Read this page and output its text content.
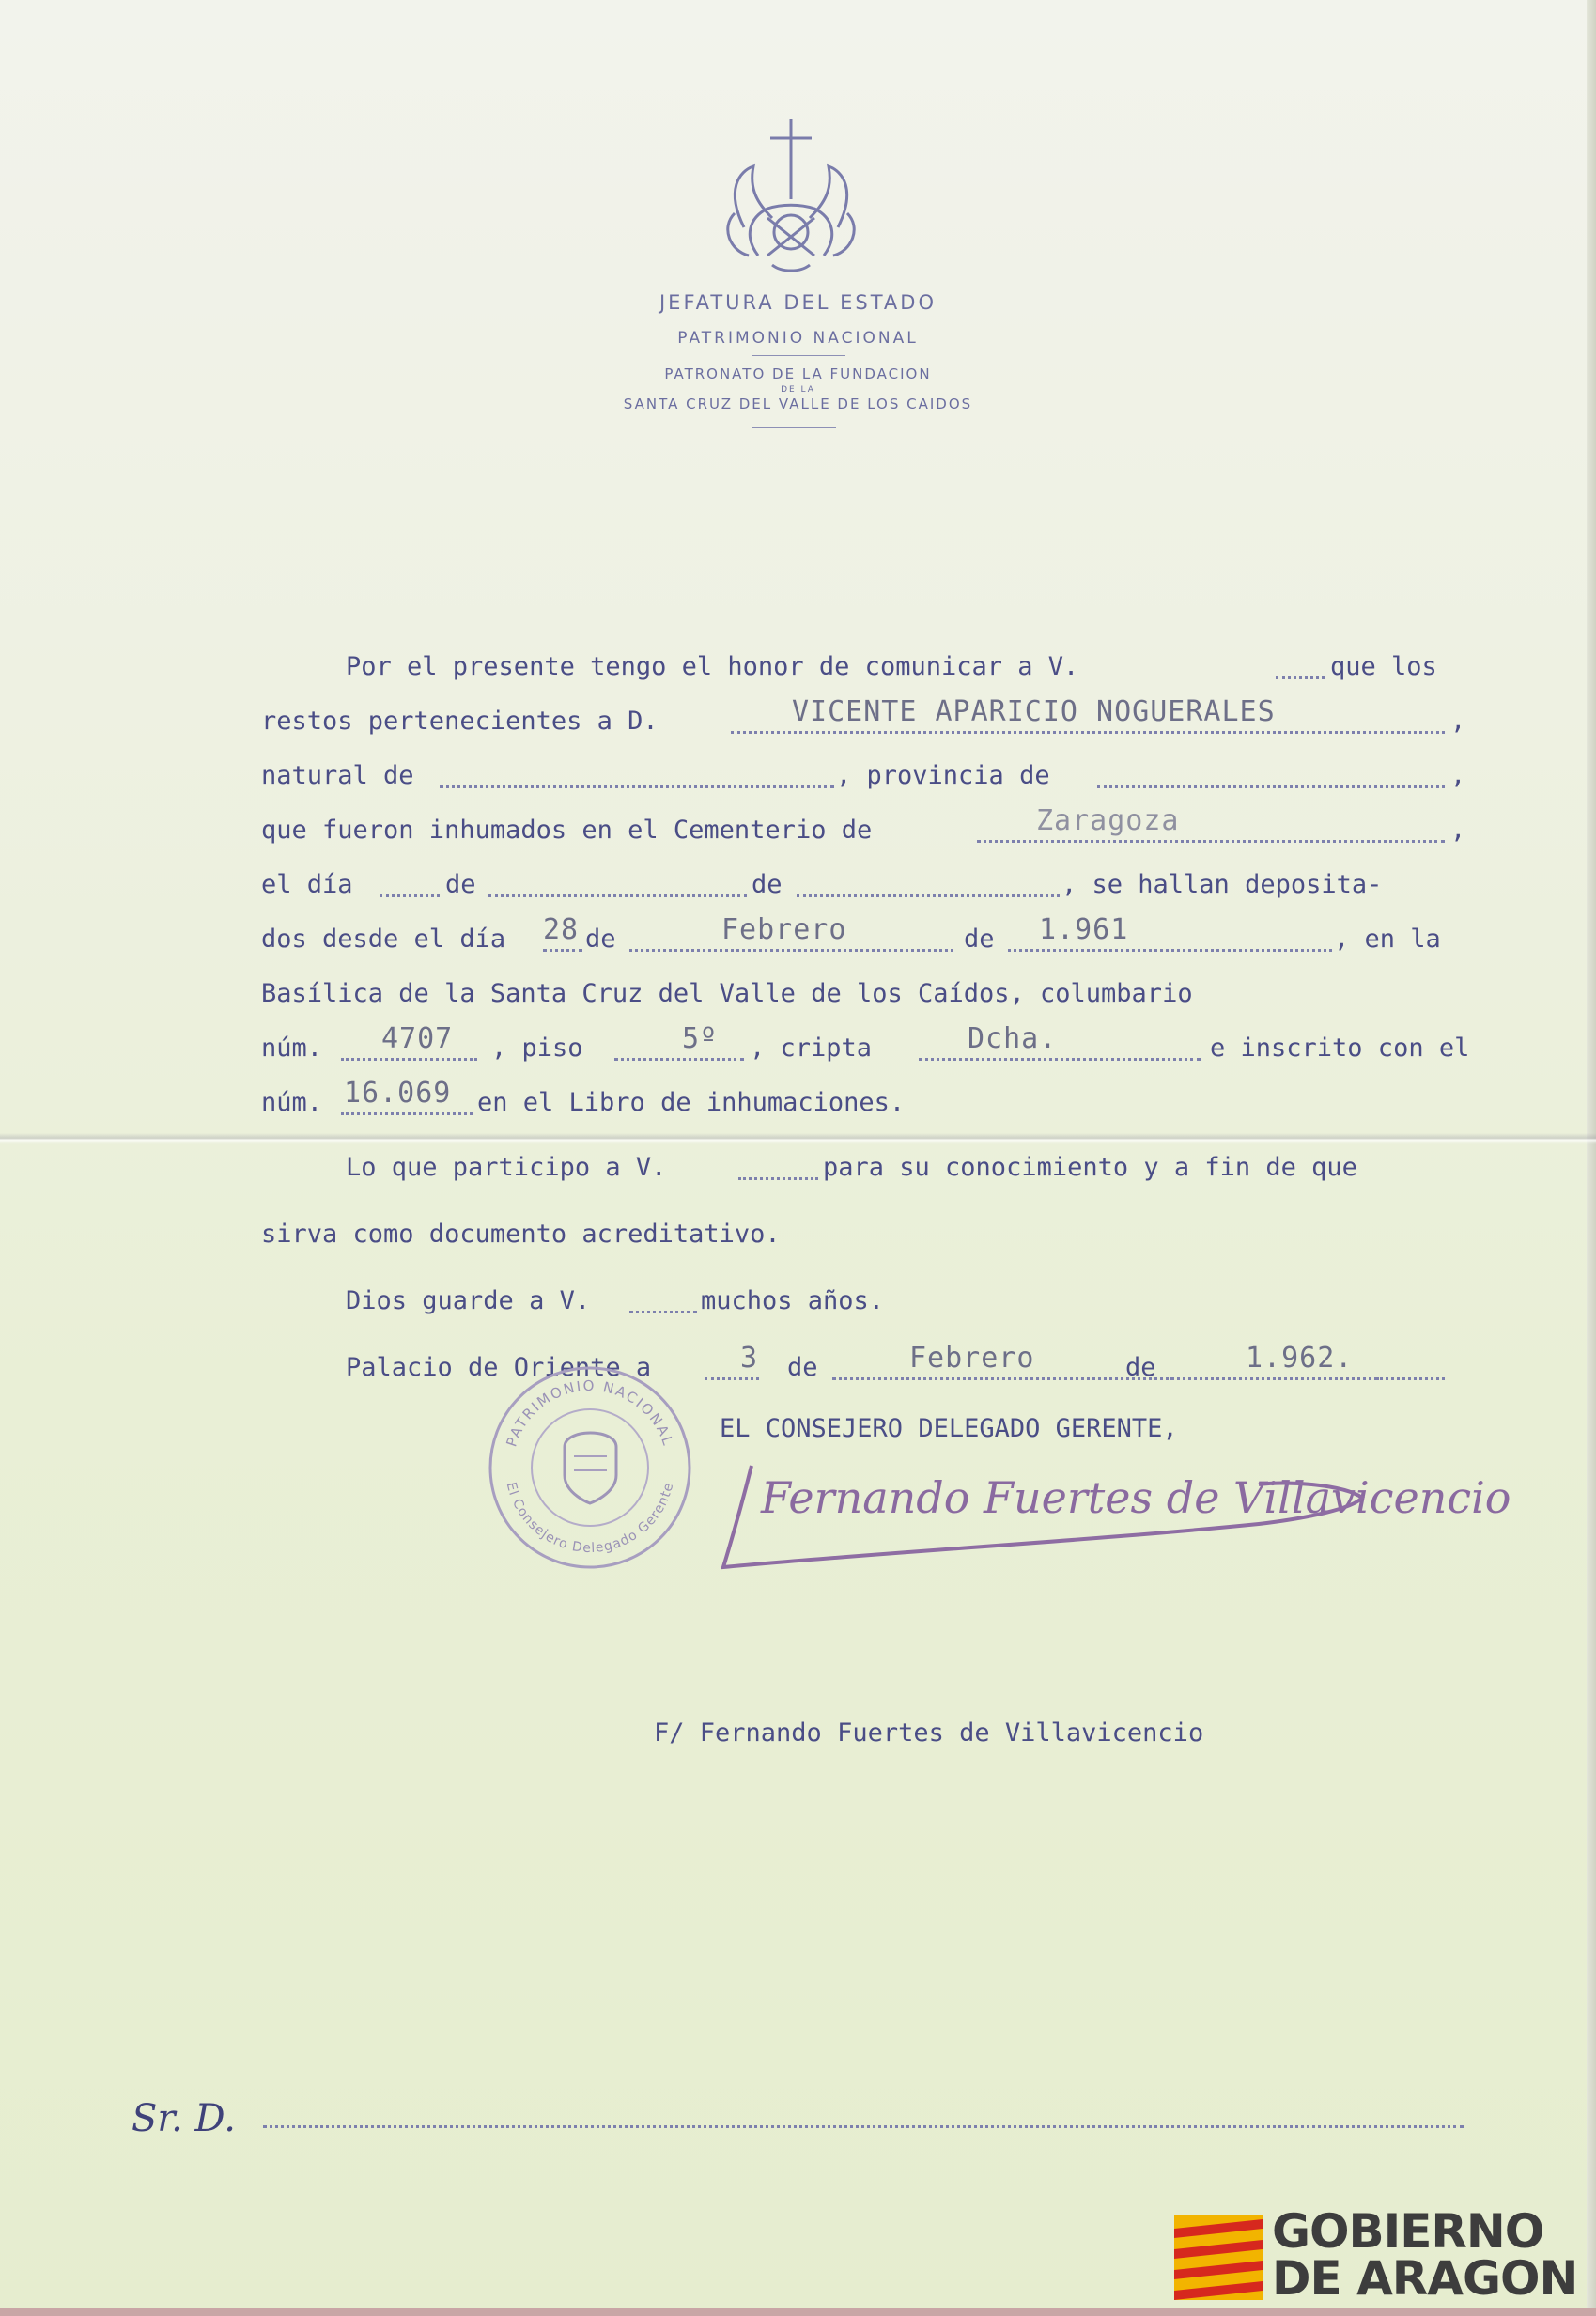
JEFATURA DEL ESTADO
PATRIMONIO NACIONAL
PATRONATO DE LA FUNDACION
DE LA
SANTA CRUZ DEL VALLE DE LOS CAIDOS
Por el presente tengo el honor de comunicar a V.	que los
restos pertenecientes a D.	VICENTE APARICIO NOGUERALES	,
natural de	, provincia de	,
que fueron inhumados en el Cementerio de	Zaragoza	,
el día	de	de	, se hallan deposita-
dos desde el día 28 de	Febrero	de 1.961	, en la
Basílica de la Santa Cruz del Valle de los Caídos, columbario
núm. 4707 , piso	5º , cripta	Dcha.	e inscrito con el
núm. 16.069 en el Libro de inhumaciones.
Lo que participo a V.	para su conocimiento y a fin de que
sirva como documento acreditativo.
Dios guarde a V.	muchos años.
Palacio de Oriente a	3 de	Febrero	de	1.962.
EL CONSEJERO DELEGADO GERENTE,
PATRIMONIO NACIONAL
El Consejero Delegado Gerente Fernando Fuertes de Villavicencio
F/ Fernando Fuertes de Villavicencio
Sr. D.
GOBIERNO
DE ARAGON
